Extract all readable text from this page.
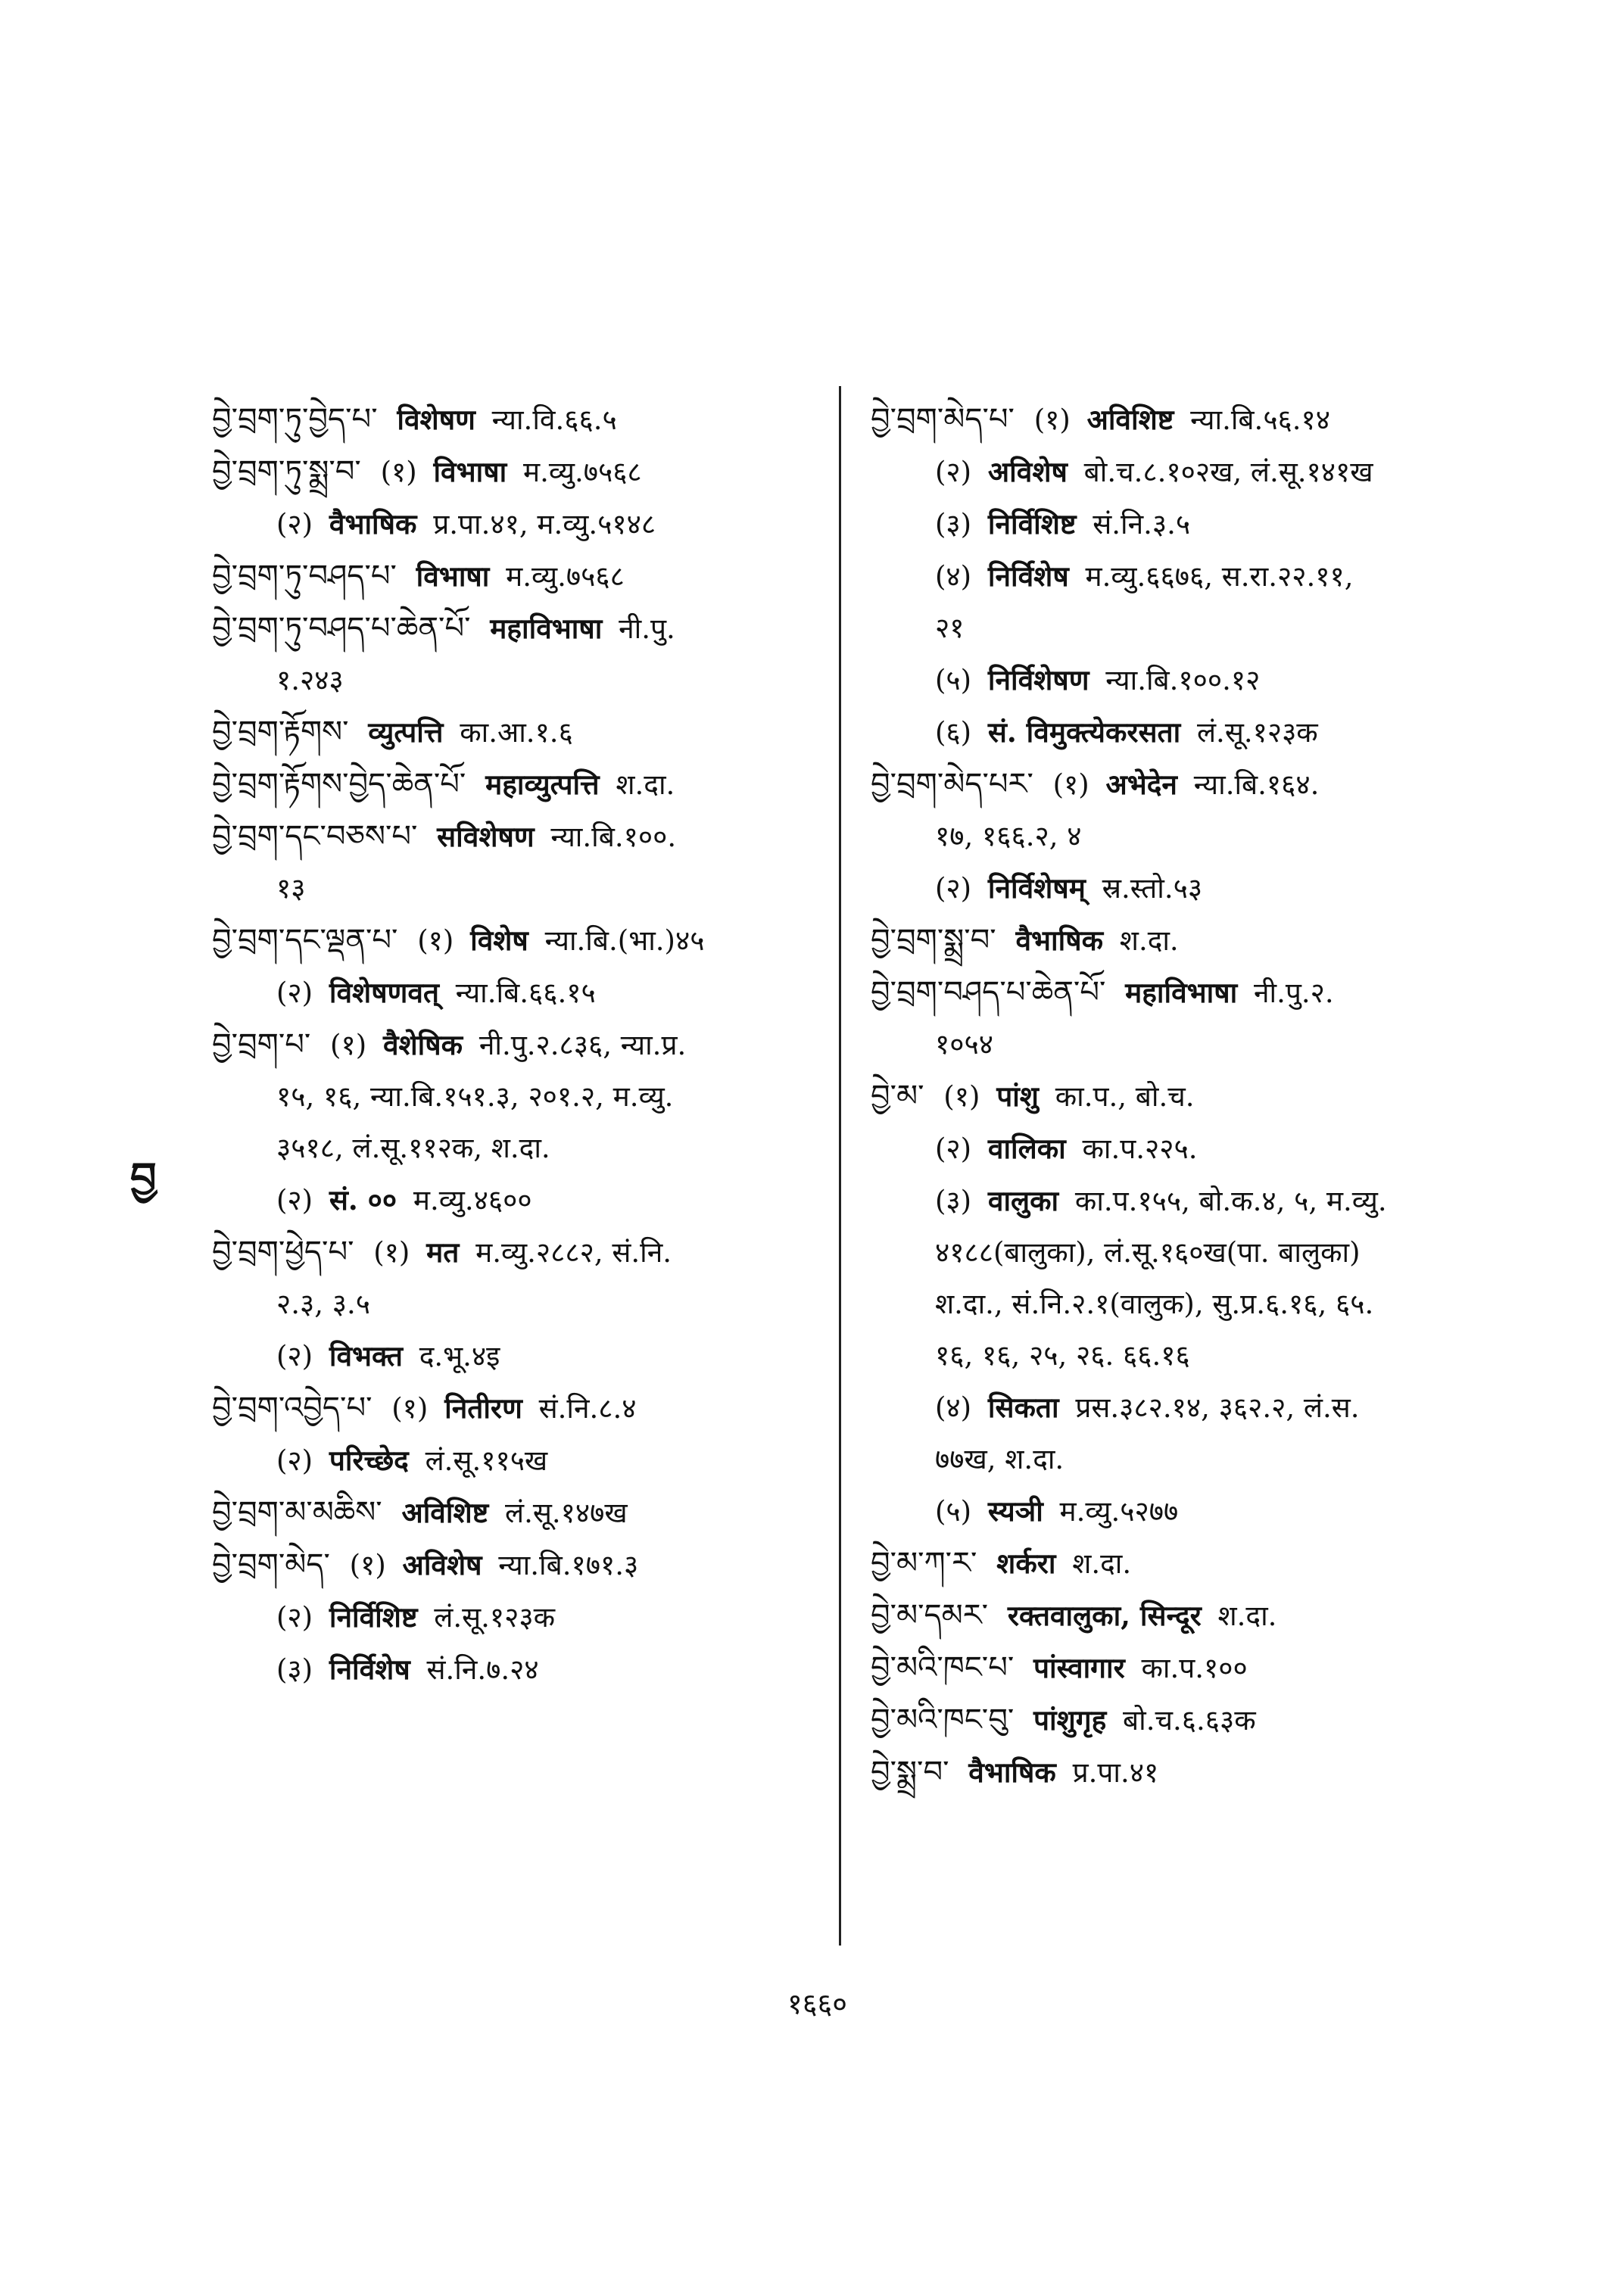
བྱེ་བྲག་ཏུ་བྱེད་པ་ विशेषण न्या.वि.६६.५
བྱེ་བྲག་ཏུ་སྨྲ་བ་ (१) विभाषा म.व्यु.७५६८
(२) वैभाषिक प्र.पा.४१, म.व्यु.५१४८
བྱེ་བྲག་ཏུ་བཤད་པ་ विभाषा म.व्यु.७५६८
བྱེ་བྲག་ཏུ་བཤད་པ་ཆེན་པོ་ महाविभाषा नी.पु.
१.२४३
བྱེ་བྲག་རྟོགས་ व्युत्पत्ति का.आ.१.६
བྱེ་བྲག་རྟོགས་བྱེད་ཆེན་པོ་ महाव्युत्पत्ति श.दा.
བྱེ་བྲག་དང་བཅས་པ་ सविशेषण न्या.बि.१००.
१३
བྱེ་བྲག་དང་ལྡན་པ་ (१) विशेष न्या.बि.(भा.)४५
(२) विशेषणवत् न्या.बि.६६.१५
བྱེ་བྲག་པ་ (१) वैशेषिक नी.पु.२.८३६, न्या.प्र.
१५, १६, न्या.बि.१५१.३, २०१.२, म.व्यु.
३५१८, लं.सू.११२क, श.दा.
(२) सं. ०० म.व्यु.४६००
བྱེ་བྲག་ཕྱེད་པ་ (१) मत म.व्यु.२८८२, सं.नि.
२.३, ३.५
(२) विभक्त द.भू.४इ
བྱེ་བྲག་འབྱེད་པ་ (१) नितीरण सं.नि.८.४
(२) परिच्छेद लं.सू.११५ख
བྱེ་བྲག་མ་མཆིས་ अविशिष्ट लं.सू.१४७ख
བྱེ་བྲག་མེད་ (१) अविशेष न्या.बि.१७१.३
(२) निर्विशिष्ट लं.सू.१२३क
(३) निर्विशेष सं.नि.७.२४
བྱེ་བྲག་མེད་པ་ (१) अविशिष्ट न्या.बि.५६.१४
(२) अविशेष बो.च.८.१०२ख, लं.सू.१४१ख
(३) निर्विशिष्ट सं.नि.३.५
(४) निर्विशेष म.व्यु.६६७६, स.रा.२२.११,
२१
(५) निर्विशेषण न्या.बि.१००.१२
(६) सं. विमुक्त्येकरसता लं.सू.१२३क
བྱེ་བྲག་མེད་པར་ (१) अभेदेन न्या.बि.१६४.
१७, १६६.२, ४
(२) निर्विशेषम् स्र.स्तो.५३
བྱེ་བྲག་སྨྲ་བ་ वैभाषिक श.दा.
བྱེ་བྲག་བཤད་པ་ཆེན་པོ་ महाविभाषा नी.पु.२.
१०५४
བྱེ་མ་ (१) पांशु का.प., बो.च.
(२) वालिका का.प.२२५.
(३) वालुका का.प.१५५, बो.क.४, ५, म.व्यु.
४१८८(बालुका), लं.सू.१६०ख(पा. बालुका)
श.दा., सं.नि.२.१(वालुक), सु.प्र.६.१६, ६५.
१६, १६, २५, २६. ६६.१६
(४) सिकता प्रस.३८२.१४, ३६२.२, लं.स.
७७ख, श.दा.
(५) स्यञी म.व्यु.५२७७
བྱེ་མ་ཀ་ར་ शर्करा श.दा.
བྱེ་མ་དམར་ रक्तवालुका, सिन्दूर श.दा.
བྱེ་མའི་ཁང་པ་ पांस्वागार का.प.१००
བྱེ་མའི་ཁང་བུ་ पांशुगृह बो.च.६.६३क
བྱེ་སྨྲ་བ་ वैभाषिक प्र.पा.४१
བྱ
१६६०
